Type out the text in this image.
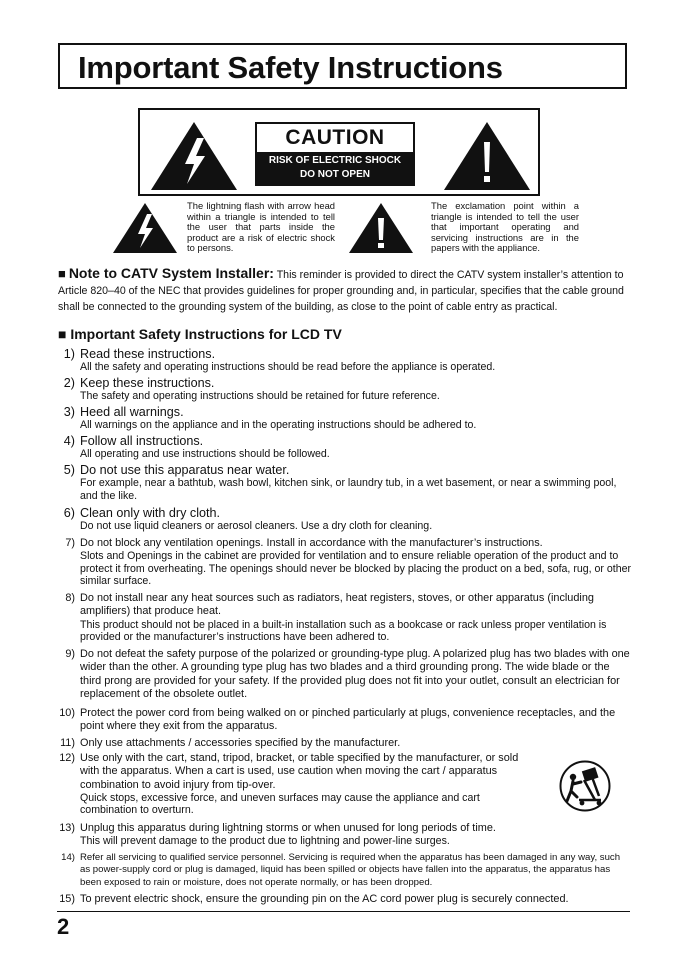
Important Safety Instructions
CAUTION
RISK OF ELECTRIC SHOCK
DO NOT OPEN
The lightning flash with arrow head within a triangle is intended to tell the user that parts inside the product are a risk of electric shock to persons.
The exclamation point within a triangle is intended to tell the user that important operating and servicing instructions are in the papers with the appliance.
■ Note to CATV System Installer: This reminder is provided to direct the CATV system installer’s attention to Article 820–40 of the NEC that provides guidelines for proper grounding and, in particular, specifies that the cable ground shall be connected to the grounding system of the building, as close to the point of cable entry as practical.
■ Important Safety Instructions for LCD TV
1) Read these instructions.
All the safety and operating instructions should be read before the appliance is operated.
2) Keep these instructions.
The safety and operating instructions should be retained for future reference.
3) Heed all warnings.
All warnings on the appliance and in the operating instructions should be adhered to.
4) Follow all instructions.
All operating and use instructions should be followed.
5) Do not use this apparatus near water.
For example, near a bathtub, wash bowl, kitchen sink, or laundry tub, in a wet basement, or near a swimming pool, and the like.
6) Clean only with dry cloth.
Do not use liquid cleaners or aerosol cleaners. Use a dry cloth for cleaning.
7) Do not block any ventilation openings. Install in accordance with the manufacturer’s instructions.
Slots and Openings in the cabinet are provided for ventilation and to ensure reliable operation of the product and to protect it from overheating. The openings should never be blocked by placing the product on a bed, sofa, rug, or other similar surface.
8) Do not install near any heat sources such as radiators, heat registers, stoves, or other apparatus (including amplifiers) that produce heat.
This product should not be placed in a built-in installation such as a bookcase or rack unless proper ventilation is provided or the manufacturer’s instructions have been adhered to.
9) Do not defeat the safety purpose of the polarized or grounding-type plug. A polarized plug has two blades with one wider than the other. A grounding type plug has two blades and a third grounding prong. The wide blade or the third prong are provided for your safety. If the provided plug does not fit into your outlet, consult an electrician for replacement of the obsolete outlet.
10) Protect the power cord from being walked on or pinched particularly at plugs, convenience receptacles, and the point where they exit from the apparatus.
11) Only use attachments / accessories specified by the manufacturer.
12) Use only with the cart, stand, tripod, bracket, or table specified by the manufacturer, or sold with the apparatus. When a cart is used, use caution when moving the cart / apparatus combination to avoid injury from tip-over.
Quick stops, excessive force, and uneven surfaces may cause the appliance and cart combination to overturn.
13) Unplug this apparatus during lightning storms or when unused for long periods of time.
This will prevent damage to the product due to lightning and power-line surges.
14) Refer all servicing to qualified service personnel. Servicing is required when the apparatus has been damaged in any way, such as power-supply cord or plug is damaged, liquid has been spilled or objects have fallen into the apparatus, the apparatus has been exposed to rain or moisture, does not operate normally, or has been dropped.
15) To prevent electric shock, ensure the grounding pin on the AC cord power plug is securely connected.
2
